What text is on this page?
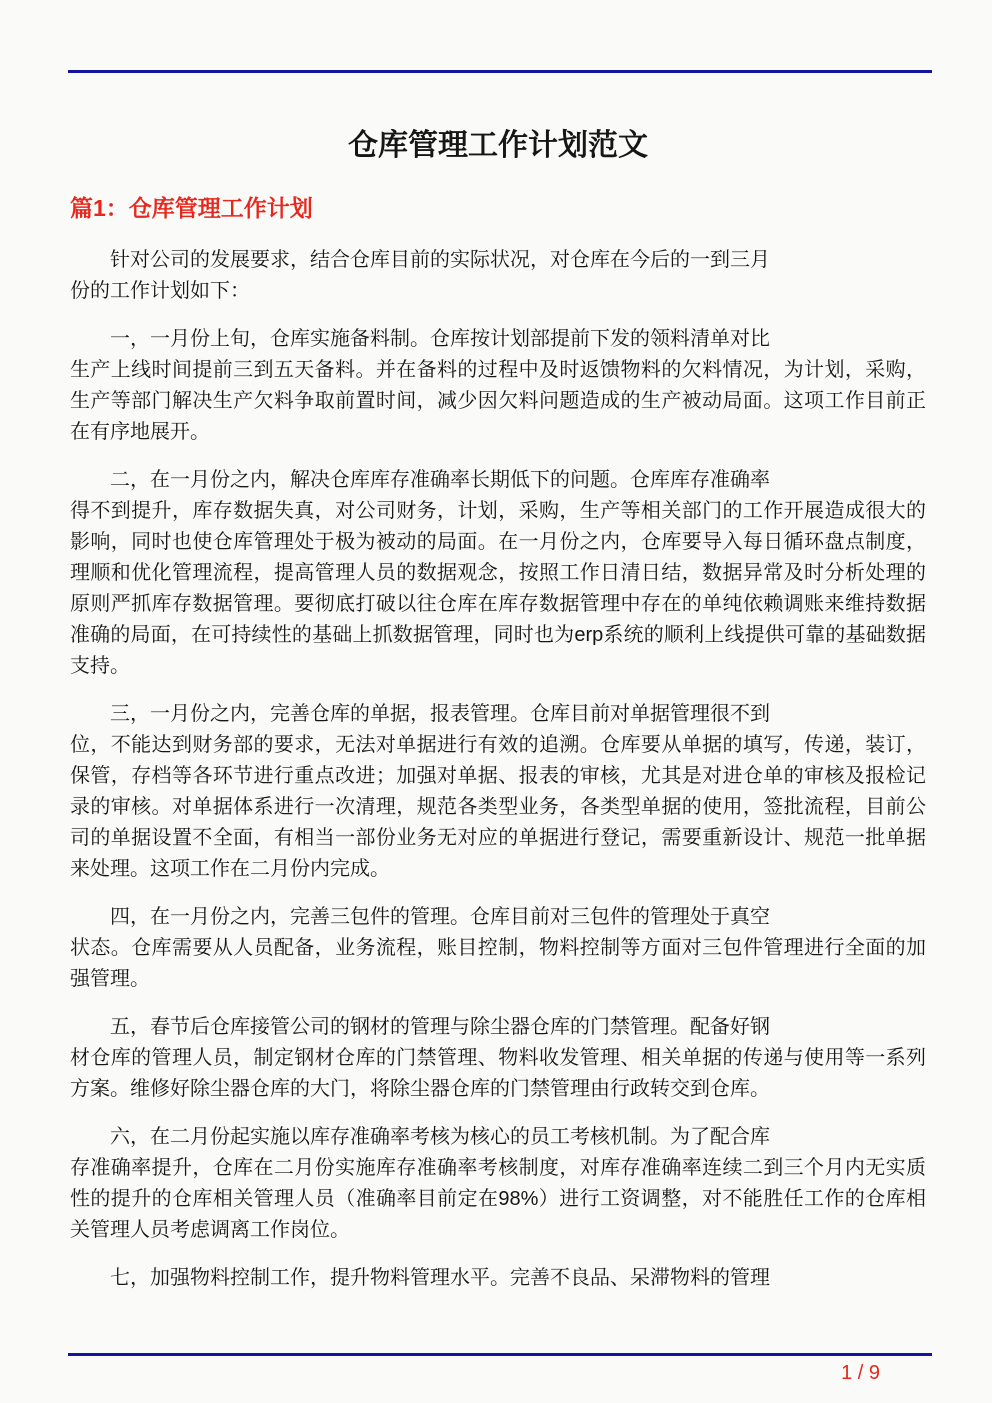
仓库管理工作计划范文
篇1：仓库管理工作计划

针对公司的发展要求，结合仓库目前的实际状况，对仓库在今后的一到三月
份的工作计划如下：

一，一月份上旬，仓库实施备料制。仓库按计划部提前下发的领料清单对比
生产上线时间提前三到五天备料。并在备料的过程中及时返馈物料的欠料情况，为计划，采购，生产等部门解决生产欠料争取前置时间，减少因欠料问题造成的生产被动局面。这项工作目前正在有序地展开。

二，在一月份之内，解决仓库库存准确率长期低下的问题。仓库库存准确率
得不到提升，库存数据失真，对公司财务，计划，采购，生产等相关部门的工作开展造成很大的影响，同时也使仓库管理处于极为被动的局面。在一月份之内，仓库要导入每日循环盘点制度，理顺和优化管理流程，提高管理人员的数据观念，按照工作日清日结，数据异常及时分析处理的原则严抓库存数据管理。要彻底打破以往仓库在库存数据管理中存在的单纯依赖调账来维持数据准确的局面，在可持续性的基础上抓数据管理，同时也为erp系统的顺利上线提供可靠的基础数据支持。

三，一月份之内，完善仓库的单据，报表管理。仓库目前对单据管理很不到
位，不能达到财务部的要求，无法对单据进行有效的追溯。仓库要从单据的填写，传递，装订，保管，存档等各环节进行重点改进；加强对单据、报表的审核，尤其是对进仓单的审核及报检记录的审核。对单据体系进行一次清理，规范各类型业务，各类型单据的使用，签批流程，目前公司的单据设置不全面，有相当一部份业务无对应的单据进行登记，需要重新设计、规范一批单据来处理。这项工作在二月份内完成。

四，在一月份之内，完善三包件的管理。仓库目前对三包件的管理处于真空
状态。仓库需要从人员配备，业务流程，账目控制，物料控制等方面对三包件管理进行全面的加强管理。

五，春节后仓库接管公司的钢材的管理与除尘器仓库的门禁管理。配备好钢
材仓库的管理人员，制定钢材仓库的门禁管理、物料收发管理、相关单据的传递与使用等一系列方案。维修好除尘器仓库的大门，将除尘器仓库的门禁管理由行政转交到仓库。

六，在二月份起实施以库存准确率考核为核心的员工考核机制。为了配合库
存准确率提升，仓库在二月份实施库存准确率考核制度，对库存准确率连续二到三个月内无实质性的提升的仓库相关管理人员（准确率目前定在98%）进行工资调整，对不能胜任工作的仓库相关管理人员考虑调离工作岗位。

七，加强物料控制工作，提升物料管理水平。完善不良品、呆滞物料的管理

1 / 9
